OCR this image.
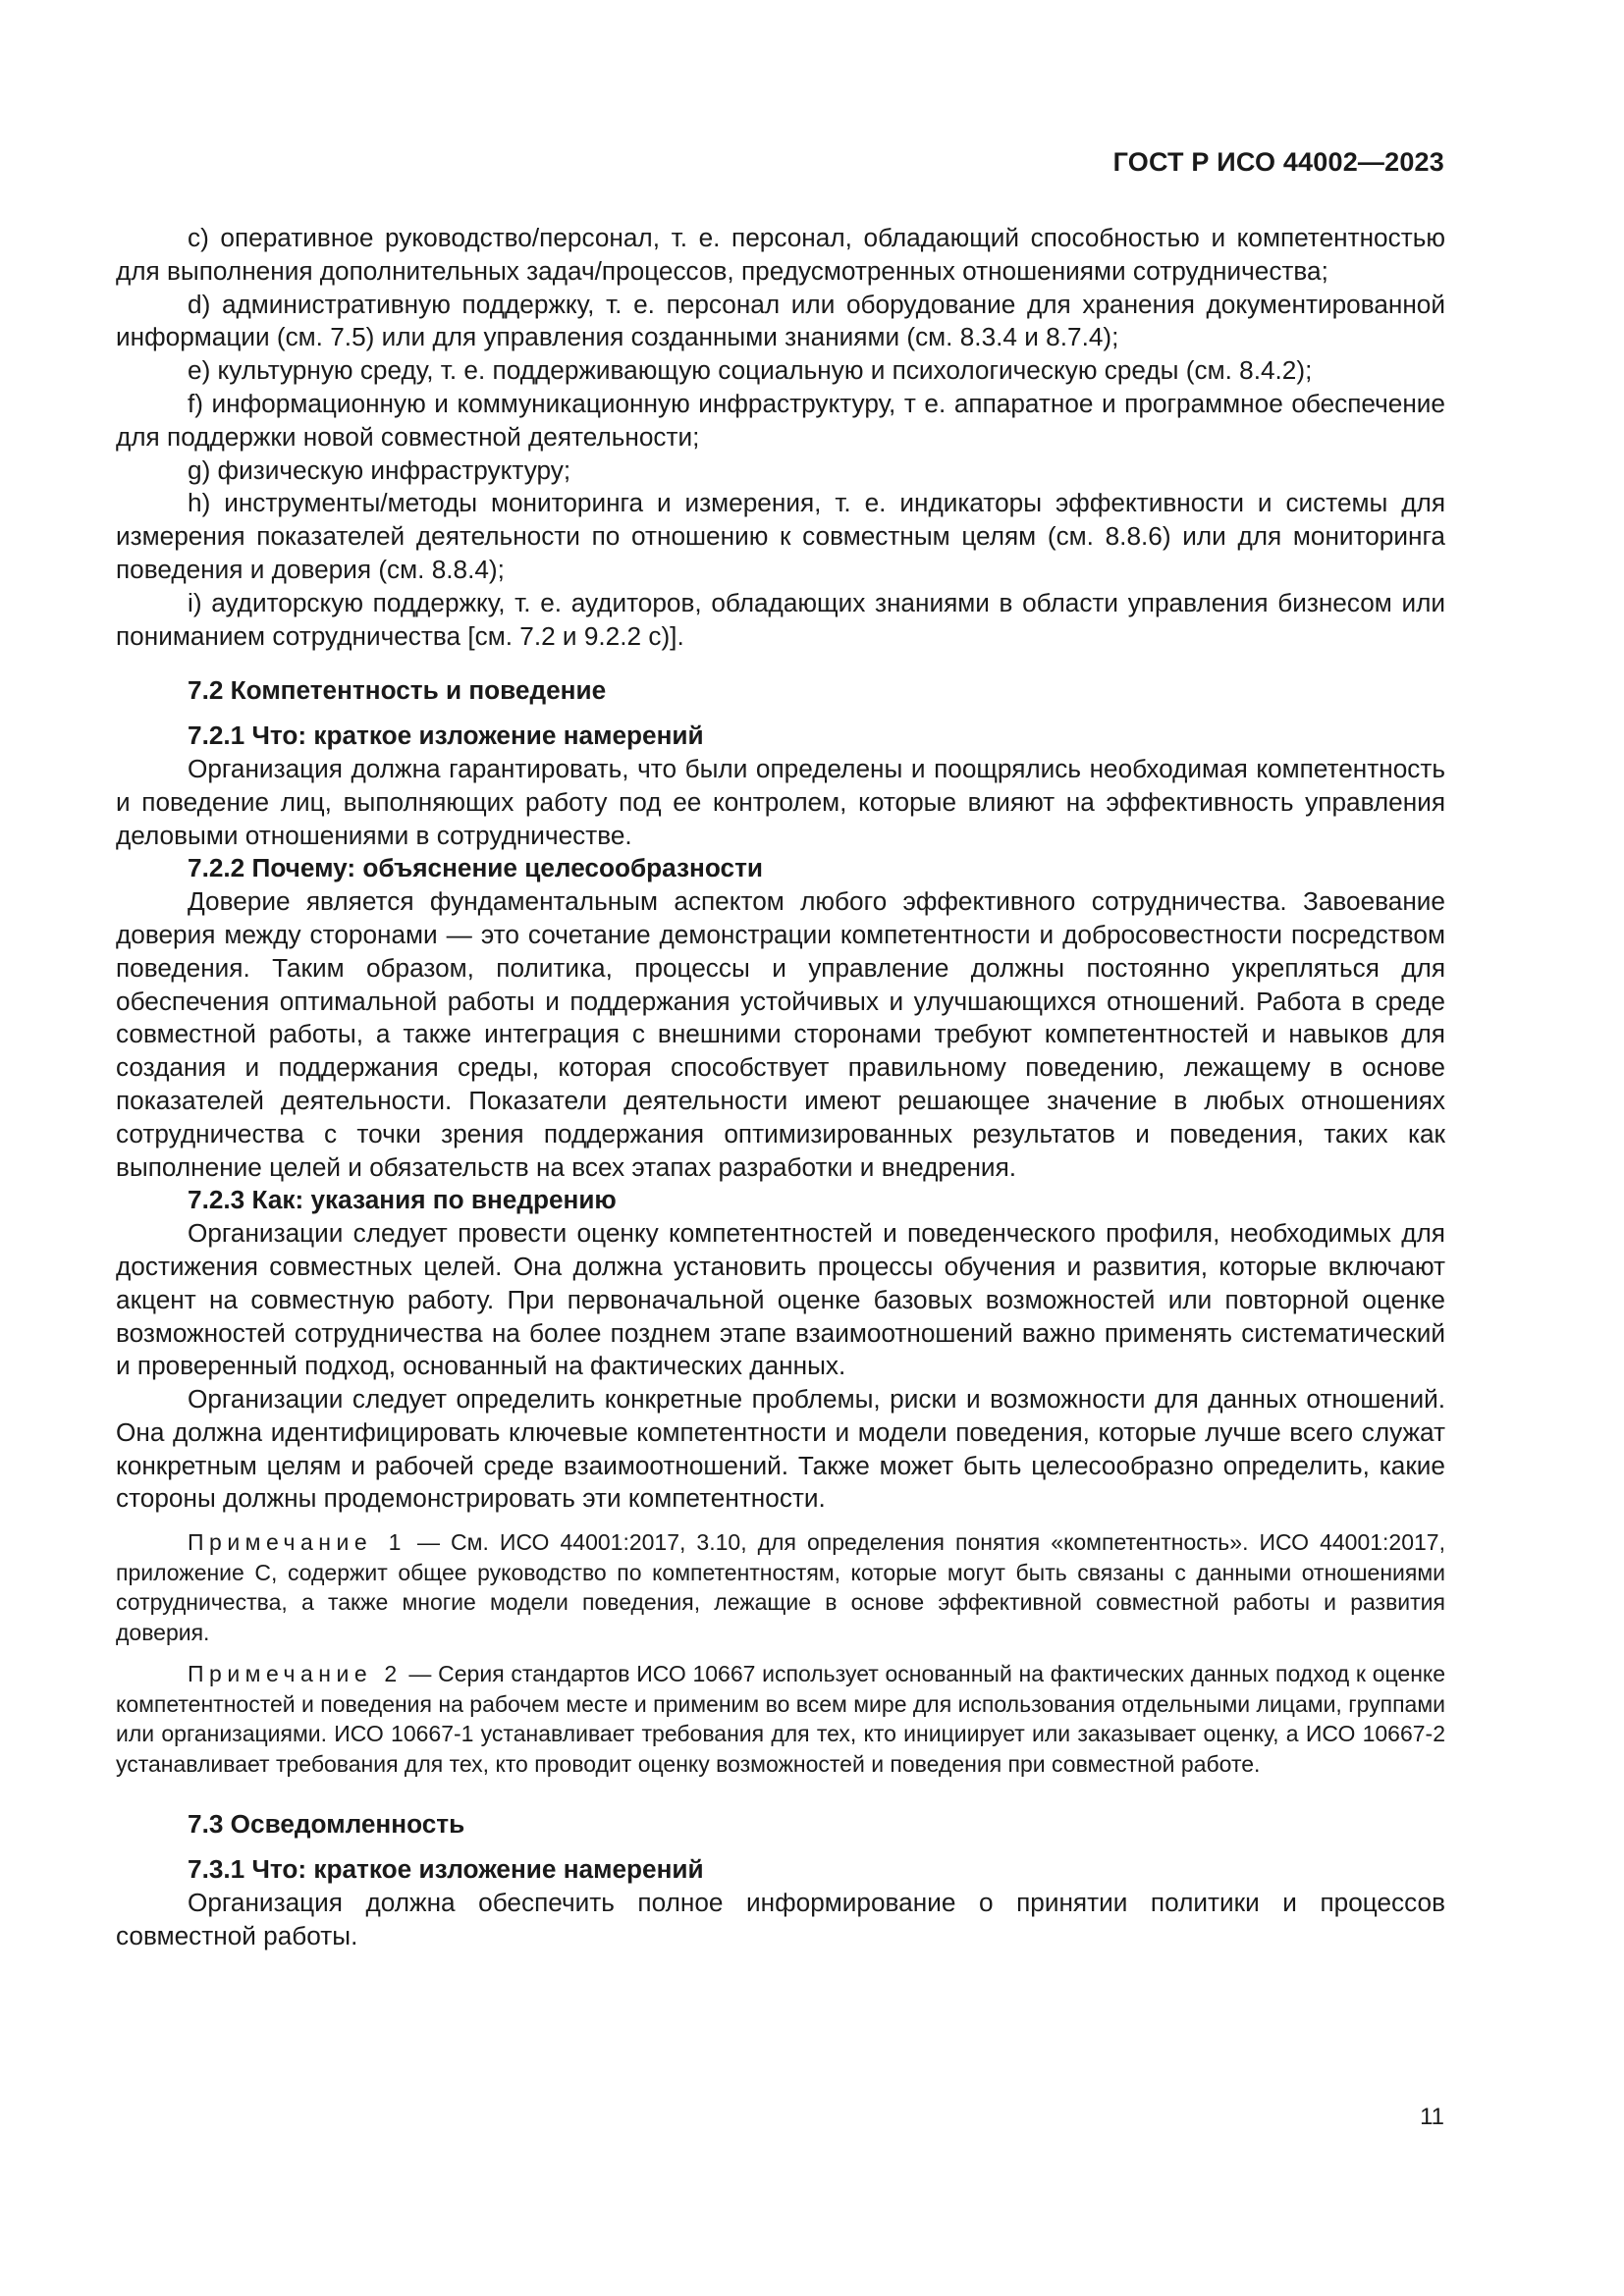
ГОСТ Р ИСО 44002—2023

c) оперативное руководство/персонал, т. е. персонал, обладающий способностью и компетентностью для выполнения дополнительных задач/процессов, предусмотренных отношениями сотрудничества;

d) административную поддержку, т. е. персонал или оборудование для хранения документированной информации (см. 7.5) или для управления созданными знаниями (см. 8.3.4 и 8.7.4);

e) культурную среду, т. е. поддерживающую социальную и психологическую среды (см. 8.4.2);

f) информационную и коммуникационную инфраструктуру, т е. аппаратное и программное обеспечение для поддержки новой совместной деятельности;

g) физическую инфраструктуру;

h) инструменты/методы мониторинга и измерения, т. е. индикаторы эффективности и системы для измерения показателей деятельности по отношению к совместным целям (см. 8.8.6) или для мониторинга поведения и доверия (см. 8.8.4);

i) аудиторскую поддержку, т. е. аудиторов, обладающих знаниями в области управления бизнесом или пониманием сотрудничества [см. 7.2 и 9.2.2 c)].

7.2 Компетентность и поведение
7.2.1 Что: краткое изложение намерений

Организация должна гарантировать, что были определены и поощрялись необходимая компетентность и поведение лиц, выполняющих работу под ее контролем, которые влияют на эффективность управления деловыми отношениями в сотрудничестве.

7.2.2 Почему: объяснение целесообразности

Доверие является фундаментальным аспектом любого эффективного сотрудничества. Завоевание доверия между сторонами — это сочетание демонстрации компетентности и добросовестности посредством поведения. Таким образом, политика, процессы и управление должны постоянно укрепляться для обеспечения оптимальной работы и поддержания устойчивых и улучшающихся отношений. Работа в среде совместной работы, а также интеграция с внешними сторонами требуют компетентностей и навыков для создания и поддержания среды, которая способствует правильному поведению, лежащему в основе показателей деятельности. Показатели деятельности имеют решающее значение в любых отношениях сотрудничества с точки зрения поддержания оптимизированных результатов и поведения, таких как выполнение целей и обязательств на всех этапах разработки и внедрения.

7.2.3 Как: указания по внедрению

Организации следует провести оценку компетентностей и поведенческого профиля, необходимых для достижения совместных целей. Она должна установить процессы обучения и развития, которые включают акцент на совместную работу. При первоначальной оценке базовых возможностей или повторной оценке возможностей сотрудничества на более позднем этапе взаимоотношений важно применять систематический и проверенный подход, основанный на фактических данных.

Организации следует определить конкретные проблемы, риски и возможности для данных отношений. Она должна идентифицировать ключевые компетентности и модели поведения, которые лучше всего служат конкретным целям и рабочей среде взаимоотношений. Также может быть целесообразно определить, какие стороны должны продемонстрировать эти компетентности.

Примечание 1 — См. ИСО 44001:2017, 3.10, для определения понятия «компетентность». ИСО 44001:2017, приложение С, содержит общее руководство по компетентностям, которые могут быть связаны с данными отношениями сотрудничества, а также многие модели поведения, лежащие в основе эффективной совместной работы и развития доверия.
Примечание 2 — Серия стандартов ИСО 10667 использует основанный на фактических данных подход к оценке компетентностей и поведения на рабочем месте и применим во всем мире для использования отдельными лицами, группами или организациями. ИСО 10667-1 устанавливает требования для тех, кто инициирует или заказывает оценку, а ИСО 10667-2 устанавливает требования для тех, кто проводит оценку возможностей и поведения при совместной работе.
7.3 Осведомленность
7.3.1 Что: краткое изложение намерений

Организация должна обеспечить полное информирование о принятии политики и процессов совместной работы.

11
